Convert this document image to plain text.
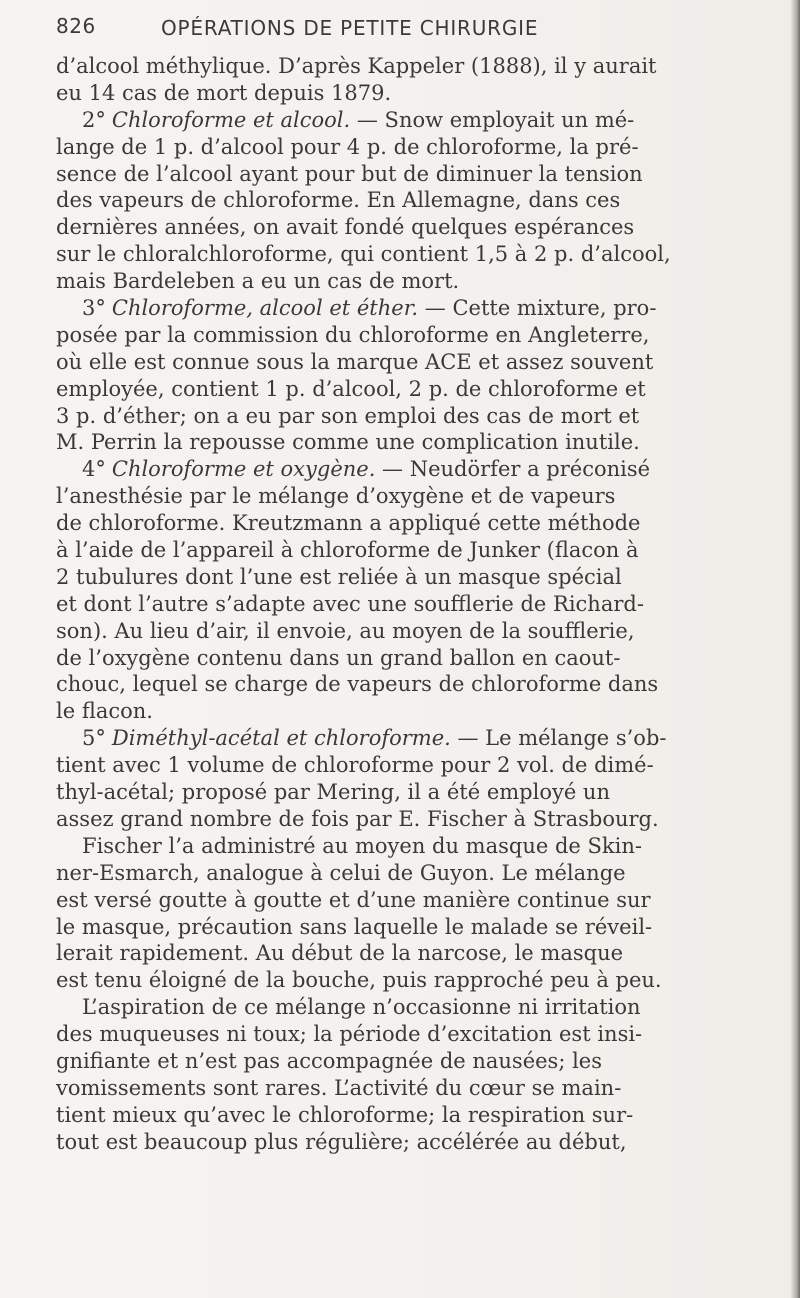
826	OPÉRATIONS DE PETITE CHIRURGIE
d’alcool méthylique. D’après Kappeler (1888), il y aurait
eu 14 cas de mort depuis 1879.
2° Chloroforme et alcool. — Snow employait un mé-
lange de 1 p. d’alcool pour 4 p. de chloroforme, la pré-
sence de l’alcool ayant pour but de diminuer la tension
des vapeurs de chloroforme. En Allemagne, dans ces
dernières années, on avait fondé quelques espérances
sur le chloralchloroforme, qui contient 1,5 à 2 p. d’alcool,
mais Bardeleben a eu un cas de mort.
3° Chloroforme, alcool et éther. — Cette mixture, pro-
posée par la commission du chloroforme en Angleterre,
où elle est connue sous la marque ACE et assez souvent
employée, contient 1 p. d’alcool, 2 p. de chloroforme et
3 p. d’éther; on a eu par son emploi des cas de mort et
M. Perrin la repousse comme une complication inutile.
4° Chloroforme et oxygène. — Neudörfer a préconisé
l’anesthésie par le mélange d’oxygène et de vapeurs
de chloroforme. Kreutzmann a appliqué cette méthode
à l’aide de l’appareil à chloroforme de Junker (flacon à
2 tubulures dont l’une est reliée à un masque spécial
et dont l’autre s’adapte avec une soufflerie de Richard-
son). Au lieu d’air, il envoie, au moyen de la soufflerie,
de l’oxygène contenu dans un grand ballon en caout-
chouc, lequel se charge de vapeurs de chloroforme dans
le flacon.
5° Diméthyl-acétal et chloroforme. — Le mélange s’ob-
tient avec 1 volume de chloroforme pour 2 vol. de dimé-
thyl-acétal; proposé par Mering, il a été employé un
assez grand nombre de fois par E. Fischer à Strasbourg.
Fischer l’a administré au moyen du masque de Skin-
ner-Esmarch, analogue à celui de Guyon. Le mélange
est versé goutte à goutte et d’une manière continue sur
le masque, précaution sans laquelle le malade se réveil-
lerait rapidement. Au début de la narcose, le masque
est tenu éloigné de la bouche, puis rapproché peu à peu.
L’aspiration de ce mélange n’occasionne ni irritation
des muqueuses ni toux; la période d’excitation est insi-
gnifiante et n’est pas accompagnée de nausées; les
vomissements sont rares. L’activité du cœur se main-
tient mieux qu’avec le chloroforme; la respiration sur-
tout est beaucoup plus régulière; accélérée au début,
